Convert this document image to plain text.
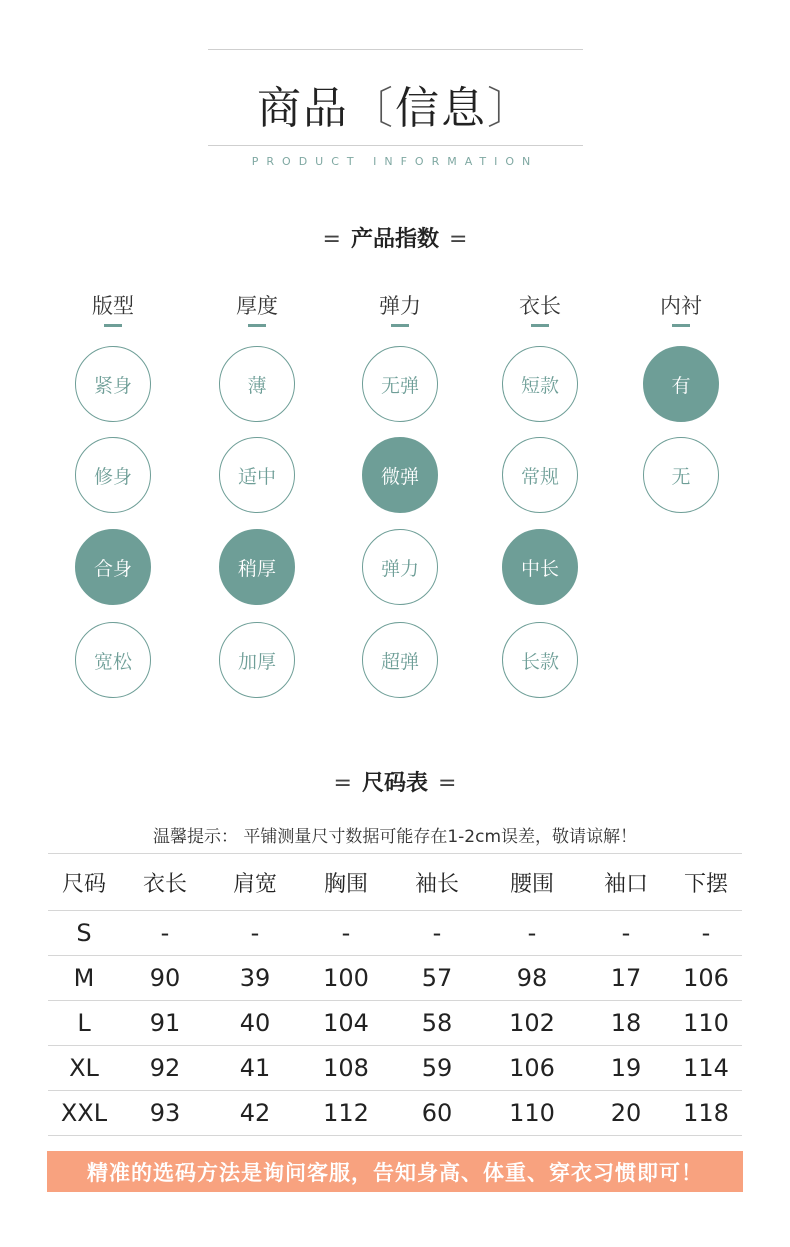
商品〔信息〕
PRODUCT INFORMATION
= 产品指数 =
版型
紧身
修身
合身
宽松
厚度
薄
适中
稍厚
加厚
弹力
无弹
微弹
弹力
超弹
衣长
短款
常规
中长
长款
内衬
有
无
= 尺码表 =
温馨提示： 平铺测量尺寸数据可能存在1-2cm误差，敬请谅解！
尺码	衣长	肩宽	胸围	袖长	腰围	袖口	下摆
S	-	-	-	-	-	-	-
M	90	39	100	57	98	17	106
L	91	40	104	58	102	18	110
XL	92	41	108	59	106	19	114
XXL	93	42	112	60	110	20	118
精准的选码方法是询问客服，告知身高、体重、穿衣习惯即可！
